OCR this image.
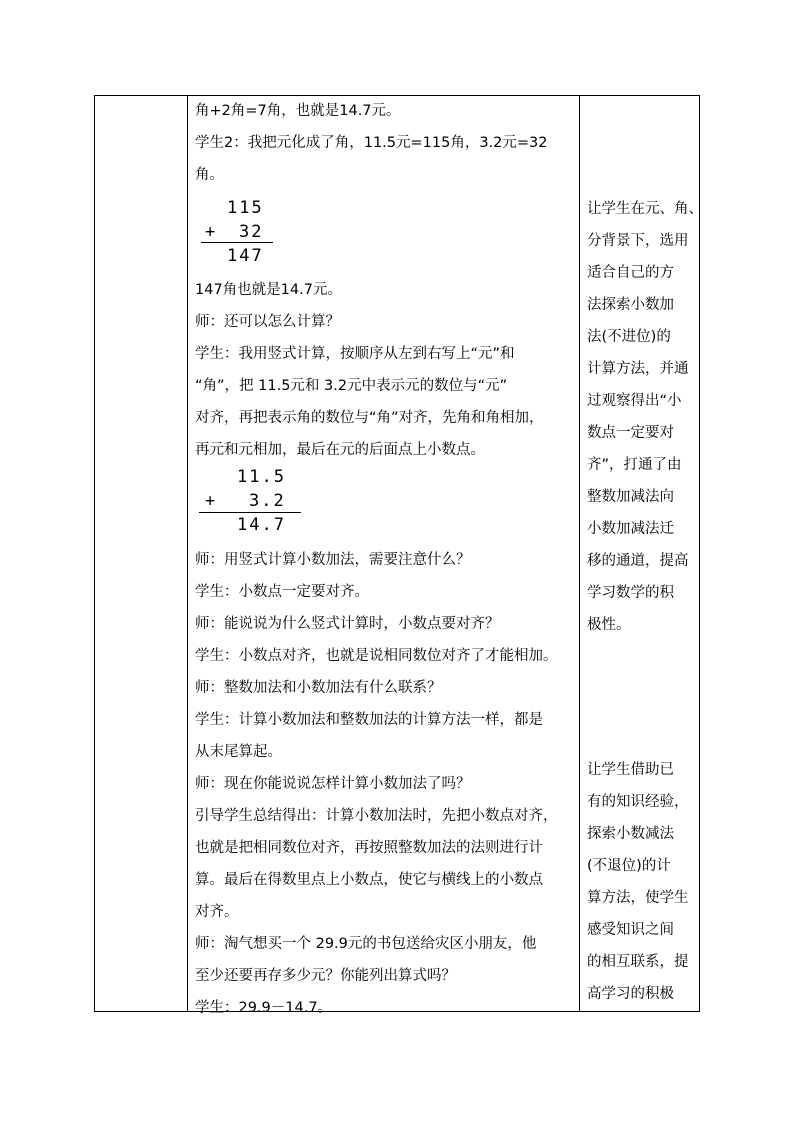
角+2角=7角，也就是14.7元。
学生2：我把元化成了角，11.5元=115角，3.2元=32
角。
115
+ 32
147
147角也就是14.7元。
师：还可以怎么计算？
学生：我用竖式计算，按顺序从左到右写上“元”和
“角”，把 11.5元和 3.2元中表示元的数位与“元”
对齐，再把表示角的数位与“角”对齐，先角和角相加，
再元和元相加，最后在元的后面点上小数点。
11.5
+ 3.2
14.7
师：用竖式计算小数加法，需要注意什么？
学生：小数点一定要对齐。
师：能说说为什么竖式计算时，小数点要对齐？
学生：小数点对齐，也就是说相同数位对齐了才能相加。
师：整数加法和小数加法有什么联系？
学生：计算小数加法和整数加法的计算方法一样，都是
从末尾算起。
师：现在你能说说怎样计算小数加法了吗？
引导学生总结得出：计算小数加法时，先把小数点对齐，
也就是把相同数位对齐，再按照整数加法的法则进行计
算。最后在得数里点上小数点，使它与横线上的小数点
对齐。
师：淘气想买一个 29.9元的书包送给灾区小朋友，他
至少还要再存多少元？你能列出算式吗？
学生：29.9－14.7。
让学生在元、角、
分背景下，选用
适合自己的方
法探索小数加
法(不进位)的
计算方法，并通
过观察得出“小
数点一定要对
齐”，打通了由
整数加减法向
小数加减法迁
移的通道，提高
学习数学的积
极性。
让学生借助已
有的知识经验，
探索小数减法
(不退位)的计
算方法，使学生
感受知识之间
的相互联系，提
高学习的积极
